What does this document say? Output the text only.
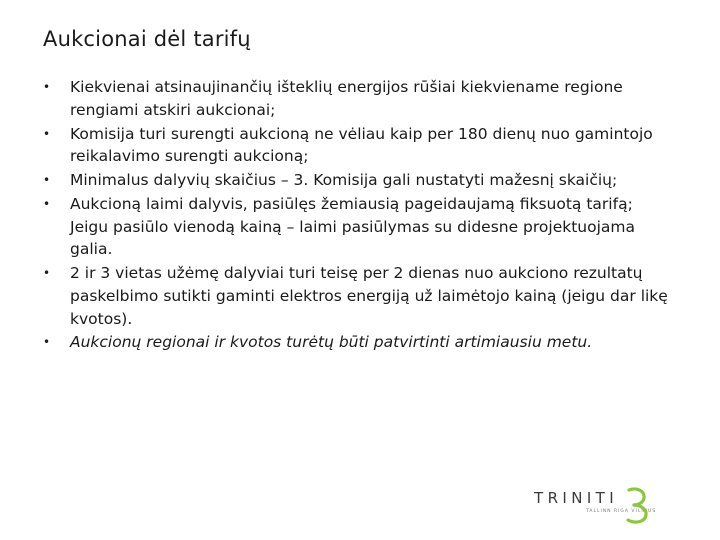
Aukcionai dėl tarifų
• Kiekvienai atsinaujinančių išteklių energijos rūšiai kiekviename regione rengiami atskiri aukcionai;
• Komisija turi surengti aukcioną ne vėliau kaip per 180 dienų nuo gamintojo reikalavimo surengti aukcioną;
• Minimalus dalyvių skaičius – 3. Komisija gali nustatyti mažesnį skaičių;
• Aukcioną laimi dalyvis, pasiūlęs žemiausią pageidaujamą fiksuotą tarifą; Jeigu pasiūlo vienodą kainą – laimi pasiūlymas su didesne projektuojama galia.
• 2 ir 3 vietas užėmę dalyviai turi teisę per 2 dienas nuo aukciono rezultatų paskelbimo sutikti gaminti elektros energiją už laimėtojo kainą (jeigu dar likę kvotos).
• Aukcionų regionai ir kvotos turėtų būti patvirtinti artimiausiu metu.
TRINITI
TALLINN RIGA VILNIUS
